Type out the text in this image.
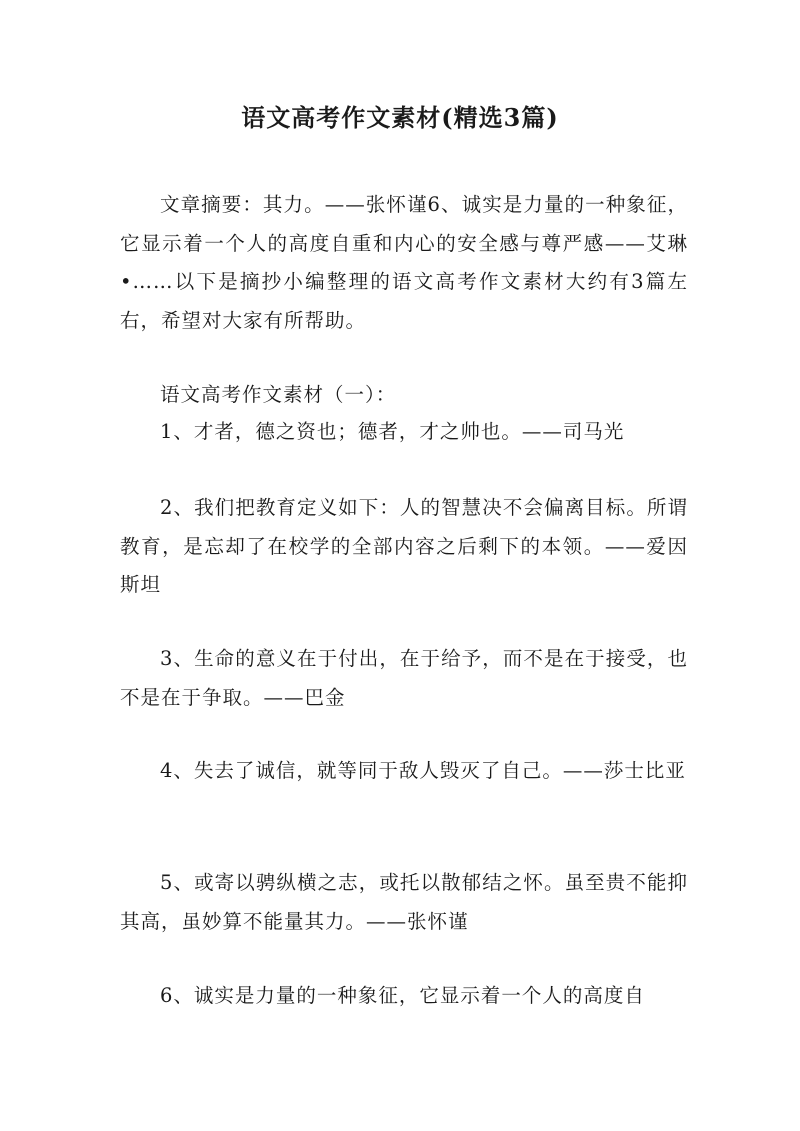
语文高考作文素材(精选3篇)

文章摘要：其力。——张怀谨6、诚实是力量的一种象征，它显示着一个人的高度自重和内心的安全感与尊严感——艾琳•……以下是摘抄小编整理的语文高考作文素材大约有3篇左右，希望对大家有所帮助。

语文高考作文素材（一）：

1、才者，德之资也；德者，才之帅也。——司马光

2、我们把教育定义如下：人的智慧决不会偏离目标。所谓教育，是忘却了在校学的全部内容之后剩下的本领。——爱因斯坦

3、生命的意义在于付出，在于给予，而不是在于接受，也不是在于争取。——巴金

4、失去了诚信，就等同于敌人毁灭了自己。——莎士比亚

5、或寄以骋纵横之志，或托以散郁结之怀。虽至贵不能抑其高，虽妙算不能量其力。——张怀谨

6、诚实是力量的一种象征，它显示着一个人的高度自
